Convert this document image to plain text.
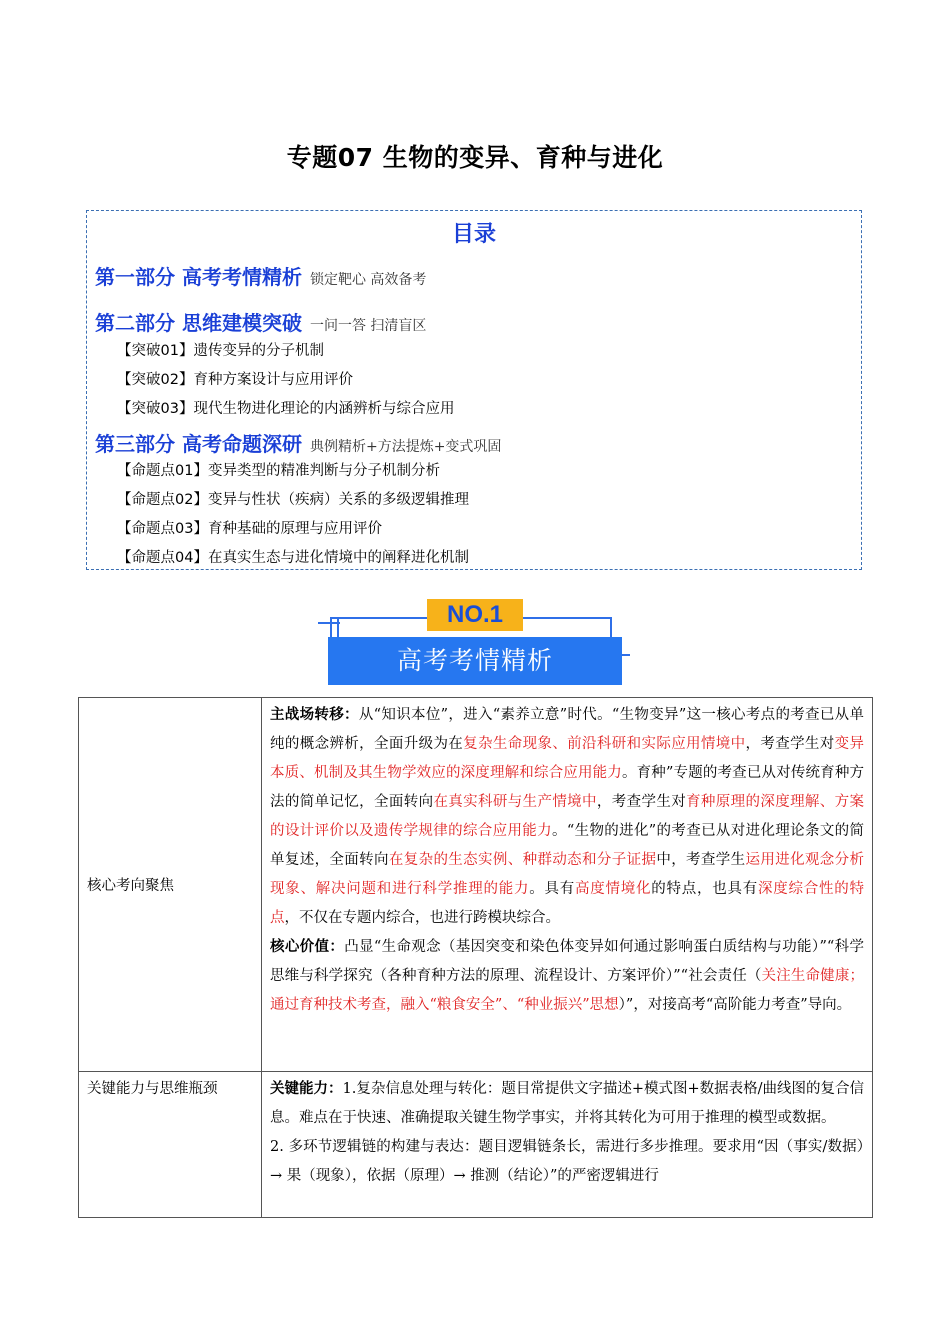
专题07 生物的变异、育种与进化
目录
第一部分 高考考情精析 锁定靶心 高效备考
第二部分 思维建模突破 一问一答 扫清盲区
【突破01】遗传变异的分子机制
【突破02】育种方案设计与应用评价
【突破03】现代生物进化理论的内涵辨析与综合应用
第三部分 高考命题深研 典例精析+方法提炼+变式巩固
【命题点01】变异类型的精准判断与分子机制分析
【命题点02】变异与性状（疾病）关系的多级逻辑推理
【命题点03】育种基础的原理与应用评价
【命题点04】在真实生态与进化情境中的阐释进化机制
NO.1
高考考情精析
核心考向聚焦	主战场转移：从“知识本位”，进入“素养立意”时代。“生物变异”这一核心考点的考查已从单纯的概念辨析，全面升级为在复杂生命现象、前沿科研和实际应用情境中，考查学生对变异本质、机制及其生物学效应的深度理解和综合应用能力。育种”专题的考查已从对传统育种方法的简单记忆，全面转向在真实科研与生产情境中，考查学生对育种原理的深度理解、方案的设计评价以及遗传学规律的综合应用能力。“生物的进化”的考查已从对进化理论条文的简单复述，全面转向在复杂的生态实例、种群动态和分子证据中，考查学生运用进化观念分析现象、解决问题和进行科学推理的能力。具有高度情境化的特点，也具有深度综合性的特点，不仅在专题内综合，也进行跨模块综合。
核心价值：凸显“生命观念（基因突变和染色体变异如何通过影响蛋白质结构与功能）”“科学思维与科学探究（各种育种方法的原理、流程设计、方案评价）”“社会责任（关注生命健康；通过育种技术考查，融入“粮食安全”、“种业振兴”思想）”，对接高考“高阶能力考查”导向。
关键能力与思维瓶颈	关键能力：1.复杂信息处理与转化：题目常提供文字描述+模式图+数据表格/曲线图的复合信息。难点在于快速、准确提取关键生物学事实，并将其转化为可用于推理的模型或数据。
2. 多环节逻辑链的构建与表达：题目逻辑链条长，需进行多步推理。要求用“因（事实/数据）→ 果（现象），依据（原理）→ 推测（结论）”的严密逻辑进行
